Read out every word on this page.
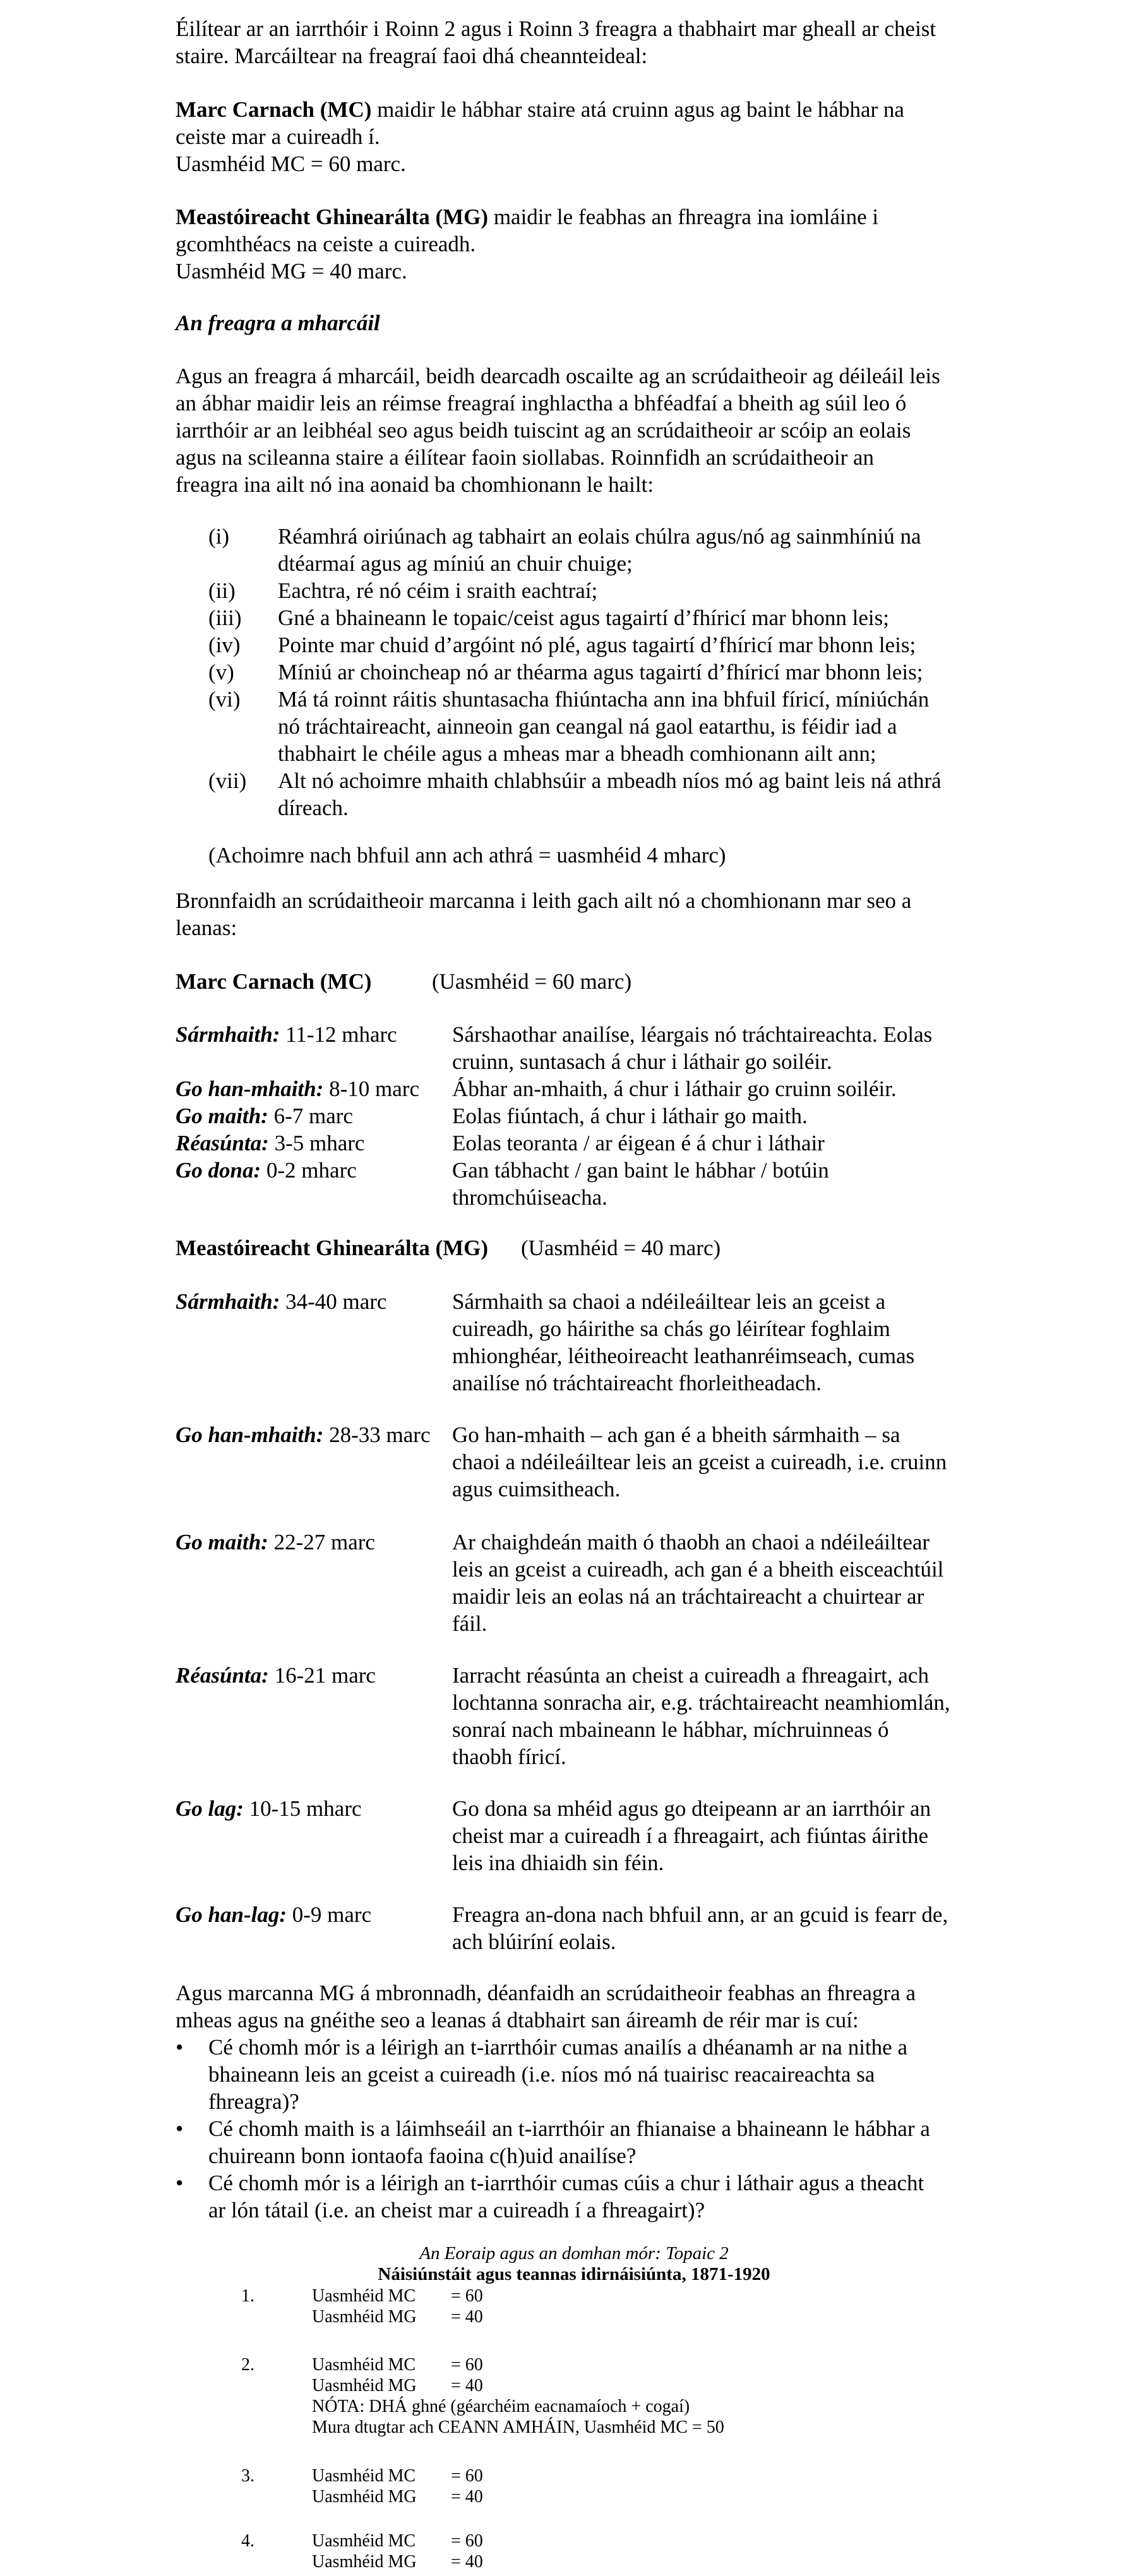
Éilítear ar an iarrthóir i Roinn 2 agus i Roinn 3 freagra a thabhairt mar gheall ar cheist
staire. Marcáiltear na freagraí faoi dhá cheannteideal:
Marc Carnach (MC) maidir le hábhar staire atá cruinn agus ag baint le hábhar na
ceiste mar a cuireadh í.
Uasmhéid MC = 60 marc.
Meastóireacht Ghinearálta (MG) maidir le feabhas an fhreagra ina iomláine i
gcomhthéacs na ceiste a cuireadh.
Uasmhéid MG = 40 marc.
An freagra a mharcáil
Agus an freagra á mharcáil, beidh dearcadh oscailte ag an scrúdaitheoir ag déileáil leis
an ábhar maidir leis an réimse freagraí inghlactha a bhféadfaí a bheith ag súil leo ó
iarrthóir ar an leibhéal seo agus beidh tuiscint ag an scrúdaitheoir ar scóip an eolais
agus na scileanna staire a éilítear faoin siollabas. Roinnfidh an scrúdaitheoir an
freagra ina ailt nó ina aonaid ba chomhionann le hailt:
(i) Réamhrá oiriúnach ag tabhairt an eolais chúlra agus/nó ag sainmhíniú na
dtéarmaí agus ag míniú an chuir chuige;
(ii) Eachtra, ré nó céim i sraith eachtraí;
(iii) Gné a bhaineann le topaic/ceist agus tagairtí d’fhíricí mar bhonn leis;
(iv) Pointe mar chuid d’argóint nó plé, agus tagairtí d’fhíricí mar bhonn leis;
(v) Míniú ar choincheap nó ar théarma agus tagairtí d’fhíricí mar bhonn leis;
(vi) Má tá roinnt ráitis shuntasacha fhiúntacha ann ina bhfuil fíricí, míniúchán
nó tráchtaireacht, ainneoin gan ceangal ná gaol eatarthu, is féidir iad a
thabhairt le chéile agus a mheas mar a bheadh comhionann ailt ann;
(vii) Alt nó achoimre mhaith chlabhsúir a mbeadh níos mó ag baint leis ná athrá
díreach.
(Achoimre nach bhfuil ann ach athrá = uasmhéid 4 mharc)
Bronnfaidh an scrúdaitheoir marcanna i leith gach ailt nó a chomhionann mar seo a
leanas:
Marc Carnach (MC)	(Uasmhéid = 60 marc)
Sármhaith: 11-12 mharc Sárshaothar anailíse, léargais nó tráchtaireachta. Eolas
cruinn, suntasach á chur i láthair go soiléir.
Go han-mhaith: 8-10 marc Ábhar an-mhaith, á chur i láthair go cruinn soiléir.
Go maith: 6-7 marc	Eolas fiúntach, á chur i láthair go maith.
Réasúnta: 3-5 mharc	Eolas teoranta / ar éigean é á chur i láthair
Go dona: 0-2 mharc	Gan tábhacht / gan baint le hábhar / botúin
thromchúiseacha.
Meastóireacht Ghinearálta (MG) (Uasmhéid = 40 marc)
Sármhaith: 34-40 marc	Sármhaith sa chaoi a ndéileáiltear leis an gceist a
cuireadh, go háirithe sa chás go léirítear foghlaim
mhionghéar, léitheoireacht leathanréimseach, cumas
anailíse nó tráchtaireacht fhorleitheadach.
Go han-mhaith: 28-33 marc Go han-mhaith – ach gan é a bheith sármhaith – sa
chaoi a ndéileáiltear leis an gceist a cuireadh, i.e. cruinn
agus cuimsitheach.
Go maith: 22-27 marc	Ar chaighdeán maith ó thaobh an chaoi a ndéileáiltear
leis an gceist a cuireadh, ach gan é a bheith eisceachtúil
maidir leis an eolas ná an tráchtaireacht a chuirtear ar
fáil.
Réasúnta: 16-21 marc	Iarracht réasúnta an cheist a cuireadh a fhreagairt, ach
lochtanna sonracha air, e.g. tráchtaireacht neamhiomlán,
sonraí nach mbaineann le hábhar, míchruinneas ó
thaobh fíricí.
Go lag: 10-15 mharc	Go dona sa mhéid agus go dteipeann ar an iarrthóir an
cheist mar a cuireadh í a fhreagairt, ach fiúntas áirithe
leis ina dhiaidh sin féin.
Go han-lag: 0-9 marc	Freagra an-dona nach bhfuil ann, ar an gcuid is fearr de,
ach blúiríní eolais.
Agus marcanna MG á mbronnadh, déanfaidh an scrúdaitheoir feabhas an fhreagra a
mheas agus na gnéithe seo a leanas á dtabhairt san áireamh de réir mar is cuí:
• Cé chomh mór is a léirigh an t-iarrthóir cumas anailís a dhéanamh ar na nithe a
bhaineann leis an gceist a cuireadh (i.e. níos mó ná tuairisc reacaireachta sa
fhreagra)?
• Cé chomh maith is a láimhseáil an t-iarrthóir an fhianaise a bhaineann le hábhar a
chuireann bonn iontaofa faoina c(h)uid anailíse?
• Cé chomh mór is a léirigh an t-iarrthóir cumas cúis a chur i láthair agus a theacht
ar lón tátail (i.e. an cheist mar a cuireadh í a fhreagairt)?
An Eoraip agus an domhan mór: Topaic 2
Náisiúnstáit agus teannas idirnáisiúnta, 1871-1920
1.	Uasmhéid MC = 60
Uasmhéid MG = 40
2.	Uasmhéid MC = 60
Uasmhéid MG = 40
NÓTA: DHÁ ghné (géarchéim eacnamaíoch + cogaí)
Mura dtugtar ach CEANN AMHÁIN, Uasmhéid MC = 50
3.	Uasmhéid MC = 60
Uasmhéid MG = 40
4.	Uasmhéid MC = 60
Uasmhéid MG = 40
